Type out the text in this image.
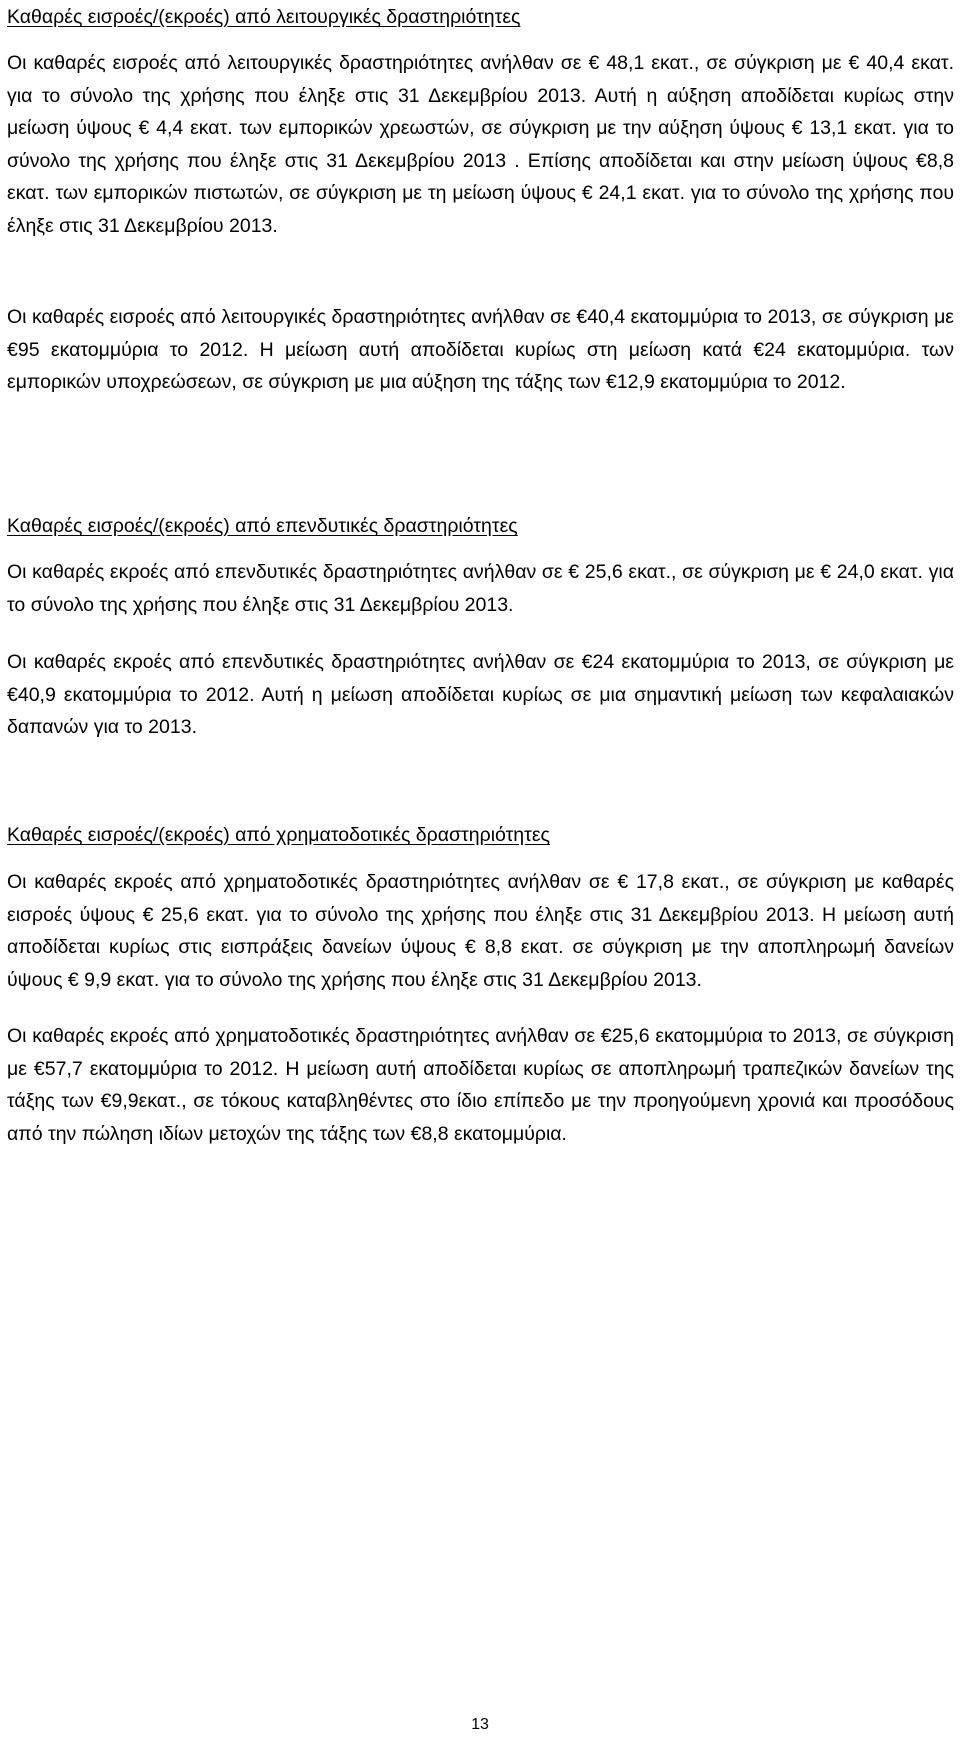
Καθαρές εισροές/(εκροές) από λειτουργικές δραστηριότητες

Οι καθαρές εισροές από λειτουργικές δραστηριότητες ανήλθαν σε € 48,1 εκατ., σε σύγκριση με € 40,4 εκατ. για το σύνολο της χρήσης που έληξε στις 31 Δεκεμβρίου 2013. Αυτή η αύξηση αποδίδεται κυρίως στην μείωση ύψους € 4,4 εκατ. των εμπορικών χρεωστών, σε σύγκριση με την αύξηση ύψους € 13,1 εκατ. για το σύνολο της χρήσης που έληξε στις 31 Δεκεμβρίου 2013 . Επίσης αποδίδεται και στην μείωση ύψους €8,8 εκατ. των εμπορικών πιστωτών, σε σύγκριση με τη μείωση ύψους € 24,1 εκατ. για το σύνολο της χρήσης που έληξε στις 31 Δεκεμβρίου 2013.

Οι καθαρές εισροές από λειτουργικές δραστηριότητες ανήλθαν σε €40,4 εκατομμύρια το 2013, σε σύγκριση με €95 εκατομμύρια το 2012. Η μείωση αυτή αποδίδεται κυρίως στη μείωση κατά €24 εκατομμύρια. των εμπορικών υποχρεώσεων, σε σύγκριση με μια αύξηση της τάξης των €12,9 εκατομμύρια το 2012.

Καθαρές εισροές/(εκροές) από επενδυτικές δραστηριότητες

Οι καθαρές εκροές από επενδυτικές δραστηριότητες ανήλθαν σε € 25,6 εκατ., σε σύγκριση με € 24,0 εκατ. για το σύνολο της χρήσης που έληξε στις 31 Δεκεμβρίου 2013.

Οι καθαρές εκροές από επενδυτικές δραστηριότητες ανήλθαν σε €24 εκατομμύρια το 2013, σε σύγκριση με €40,9 εκατομμύρια το 2012. Αυτή η μείωση αποδίδεται κυρίως σε μια σημαντική μείωση των κεφαλαιακών δαπανών για το 2013.

Καθαρές εισροές/(εκροές) από χρηματοδοτικές δραστηριότητες

Οι καθαρές εκροές από χρηματοδοτικές δραστηριότητες ανήλθαν σε € 17,8 εκατ., σε σύγκριση με καθαρές εισροές ύψους € 25,6 εκατ. για το σύνολο της χρήσης που έληξε στις 31 Δεκεμβρίου 2013. Η μείωση αυτή αποδίδεται κυρίως στις εισπράξεις δανείων ύψους € 8,8 εκατ. σε σύγκριση με την αποπληρωμή δανείων ύψους € 9,9 εκατ. για το σύνολο της χρήσης που έληξε στις 31 Δεκεμβρίου 2013.

Οι καθαρές εκροές από χρηματοδοτικές δραστηριότητες ανήλθαν σε €25,6 εκατομμύρια το 2013, σε σύγκριση με €57,7 εκατομμύρια το 2012. Η μείωση αυτή αποδίδεται κυρίως σε αποπληρωμή τραπεζικών δανείων της τάξης των €9,9εκατ., σε τόκους καταβληθέντες στο ίδιο επίπεδο με την προηγούμενη χρονιά και προσόδους από την πώληση ιδίων μετοχών της τάξης των €8,8 εκατομμύρια.

13
